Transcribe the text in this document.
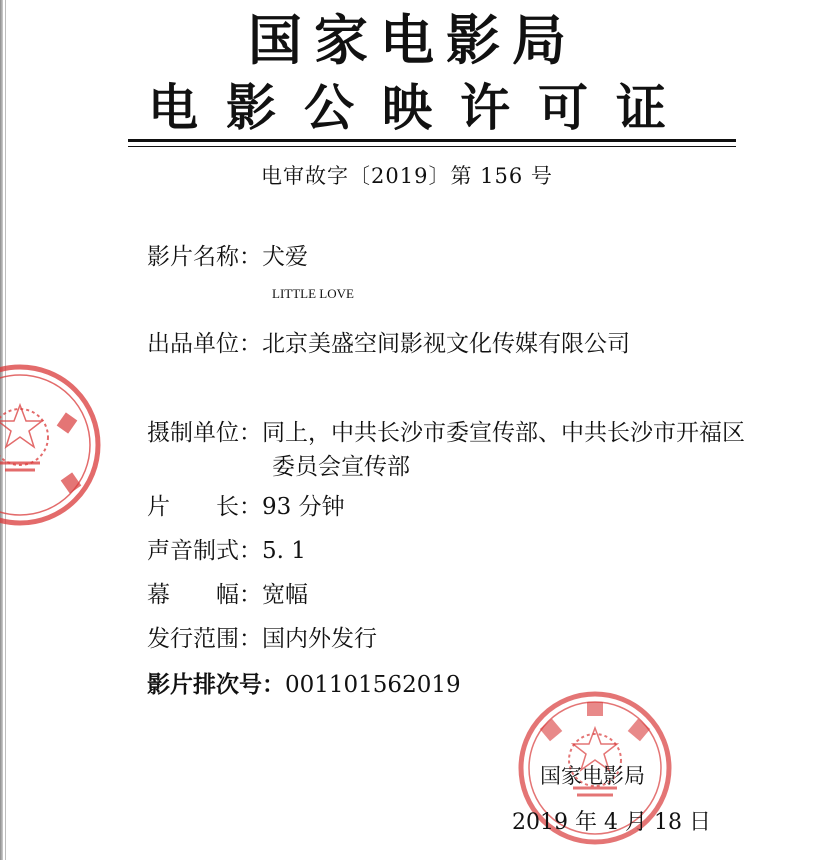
国家电影局
电影公映许可证
电审故字〔2019〕第 156 号
影片名称：犬爱
LITTLE LOVE
出品单位：北京美盛空间影视文化传媒有限公司
摄制单位：同上，中共长沙市委宣传部、中共长沙市开福区
委员会宣传部
片　　长：93 分钟
声音制式：5. 1
幕　　幅：宽幅
发行范围：国内外发行
影片排次号：001101562019
国家电影局
2019 年 4 月 18 日
